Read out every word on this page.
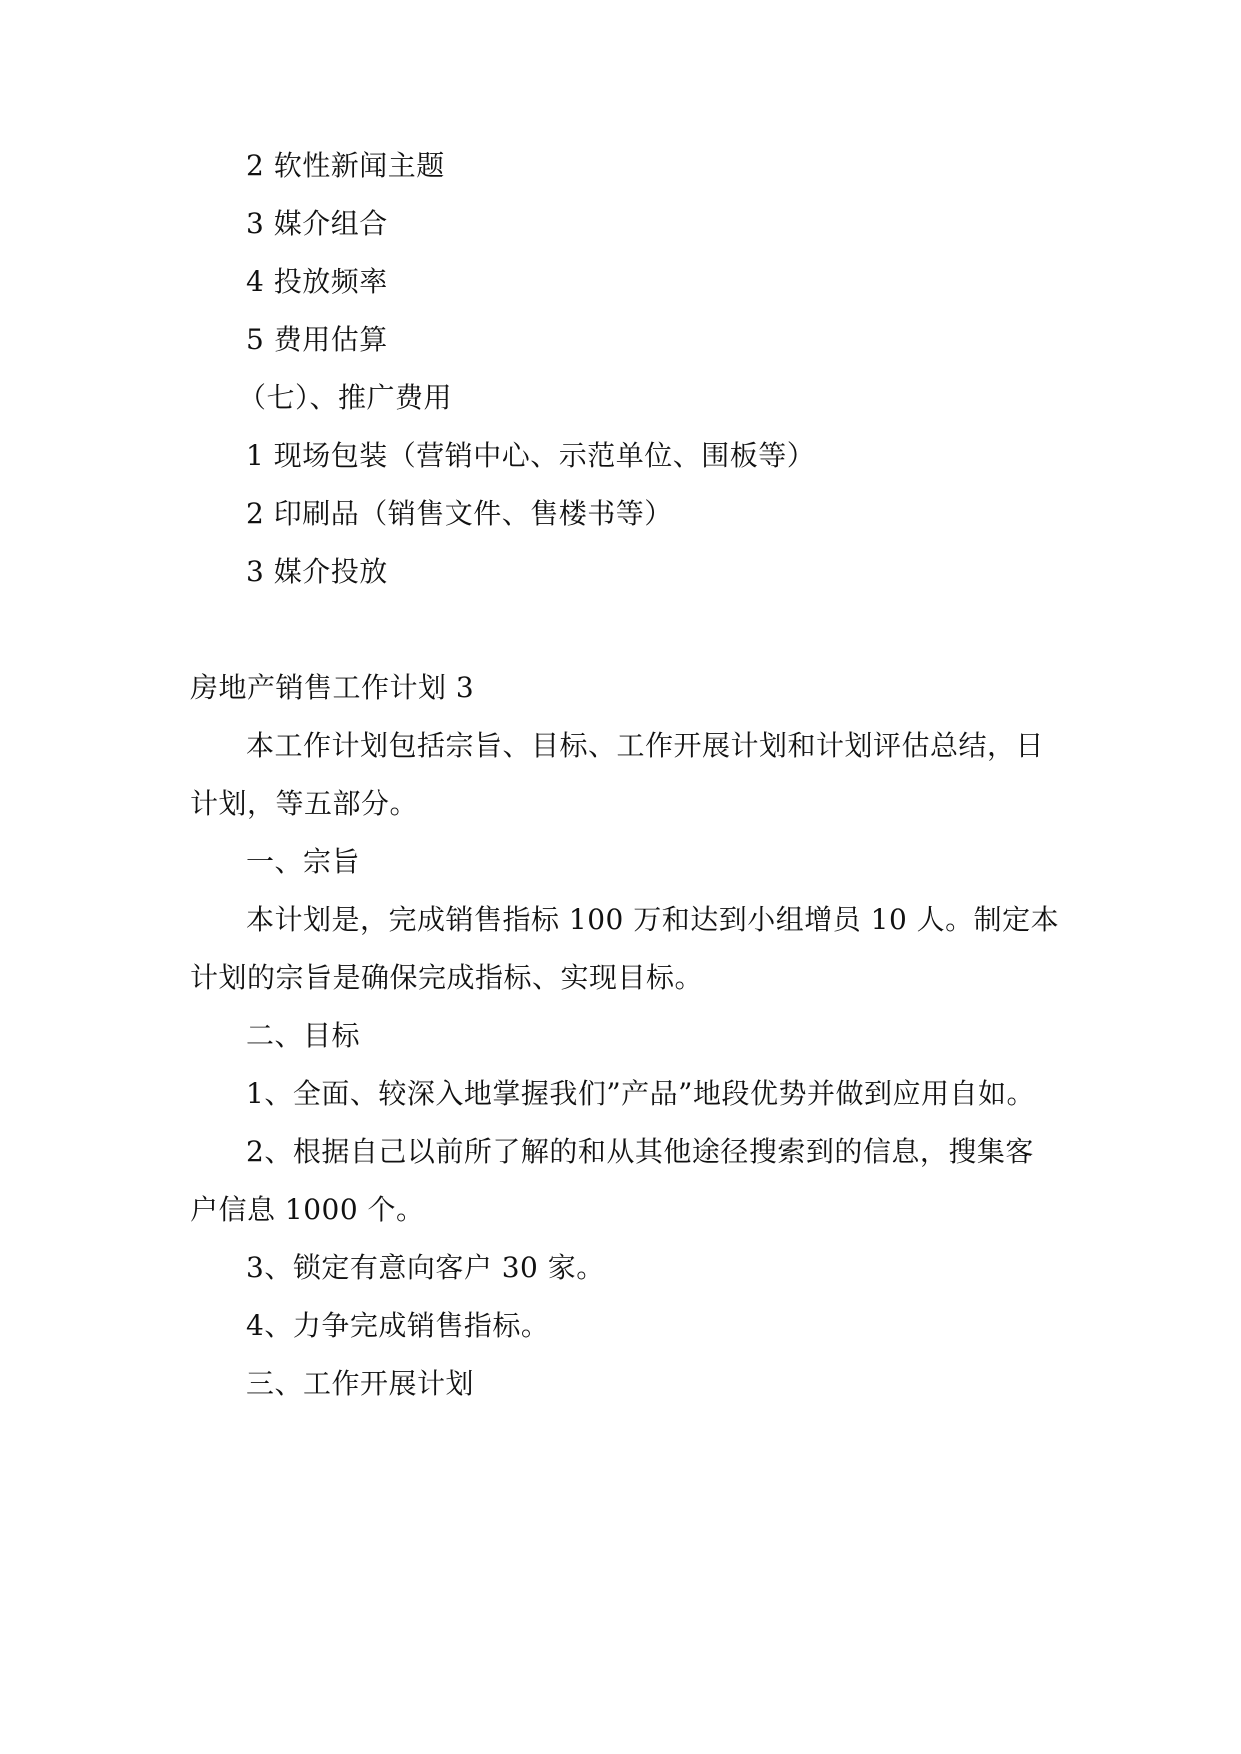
2 软性新闻主题
3 媒介组合
4 投放频率
5 费用估算
（七）、推广费用
1 现场包装（营销中心、示范单位、围板等）
2 印刷品（销售文件、售楼书等）
3 媒介投放
房地产销售工作计划 3
本工作计划包括宗旨、目标、工作开展计划和计划评估总结，日
计划，等五部分。
一、宗旨
本计划是，完成销售指标 100 万和达到小组增员 10 人。制定本
计划的宗旨是确保完成指标、实现目标。
二、目标
1、全面、较深入地掌握我们”产品”地段优势并做到应用自如。
2、根据自己以前所了解的和从其他途径搜索到的信息，搜集客
户信息 1000 个。
3、锁定有意向客户 30 家。
4、力争完成销售指标。
三、工作开展计划
